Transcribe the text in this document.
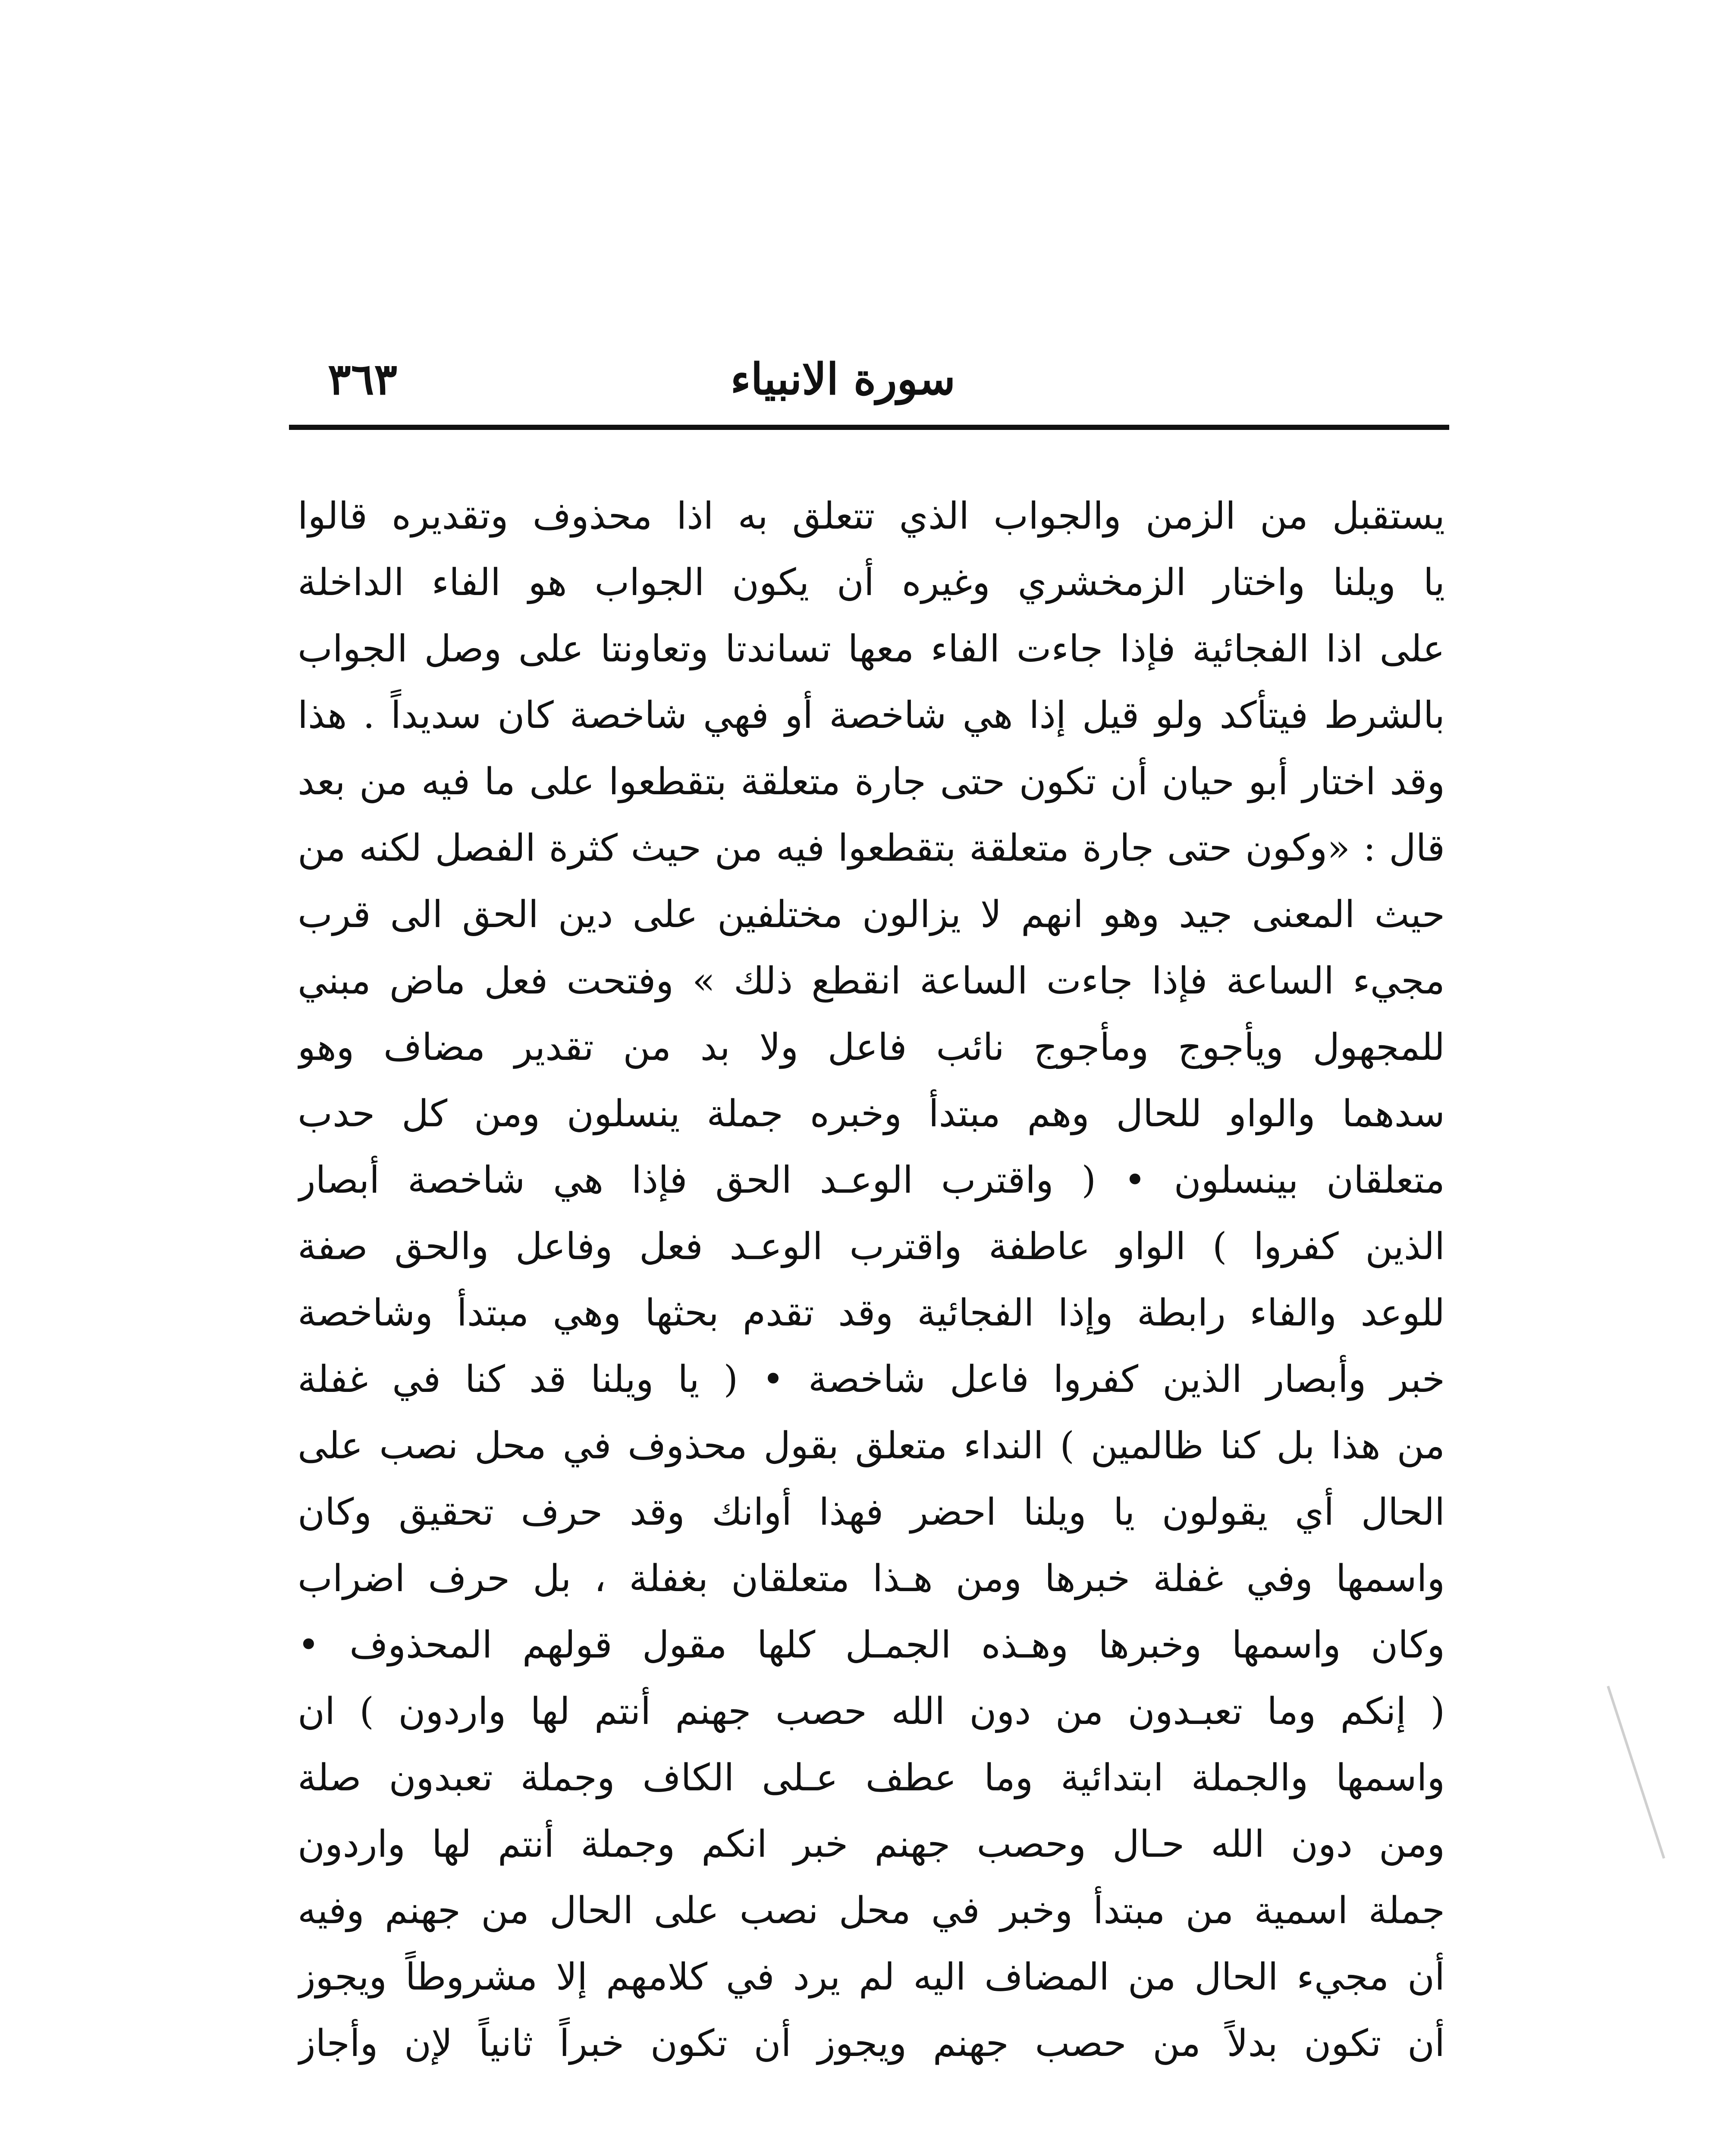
سورة الانبياء
٣٦٣
يستقبل من الزمن والجواب الذي تتعلق به اذا محذوف وتقديره قالوا
يا ويلنا واختار الزمخشري وغيره أن يكون الجواب هو الفاء الداخلة
على اذا الفجائية فإذا جاءت الفاء معها تساندتا وتعاونتا على وصل الجواب
بالشرط فيتأكد ولو قيل إذا هي شاخصة أو فهي شاخصة كان سديداً . هذا
وقد اختار أبو حيان أن تكون حتى جارة متعلقة بتقطعوا على ما فيه من بعد
قال : «وكون حتى جارة متعلقة بتقطعوا فيه من حيث كثرة الفصل لكنه من
حيث المعنى جيد وهو انهم لا يزالون مختلفين على دين الحق الى قرب
مجيء الساعة فإذا جاءت الساعة انقطع ذلك » وفتحت فعل ماض مبني
للمجهول ويأجوج ومأجوج نائب فاعل ولا بد من تقدير مضاف وهو
سدهما والواو للحال وهم مبتدأ وخبره جملة ينسلون ومن كل حدب
متعلقان بينسلون • ( واقترب الوعـد الحق فإذا هي شاخصة أبصار
الذين كفروا ) الواو عاطفة واقترب الوعـد فعل وفاعل والحق صفة
للوعد والفاء رابطة وإذا الفجائية وقد تقدم بحثها وهي مبتدأ وشاخصة
خبر وأبصار الذين كفروا فاعل شاخصة • ( يا ويلنا قد كنا في غفلة
من هذا بل كنا ظالمين ) النداء متعلق بقول محذوف في محل نصب على
الحال أي يقولون يا ويلنا احضر فهذا أوانك وقد حرف تحقيق وكان
واسمها وفي غفلة خبرها ومن هـذا متعلقان بغفلة ، بل حرف اضراب
وكان واسمها وخبرها وهـذه الجمـل كلها مقول قولهم المحذوف •
( إنكم وما تعبـدون من دون الله حصب جهنم أنتم لها واردون ) ان
واسمها والجملة ابتدائية وما عطف عـلى الكاف وجملة تعبدون صلة
ومن دون الله حـال وحصب جهنم خبر انكم وجملة أنتم لها واردون
جملة اسمية من مبتدأ وخبر في محل نصب على الحال من جهنم وفيه
أن مجيء الحال من المضاف اليه لم يرد في كلامهم إلا مشروطاً ويجوز
أن تكون بدلاً من حصب جهنم ويجوز أن تكون خبراً ثانياً لإن وأجاز
